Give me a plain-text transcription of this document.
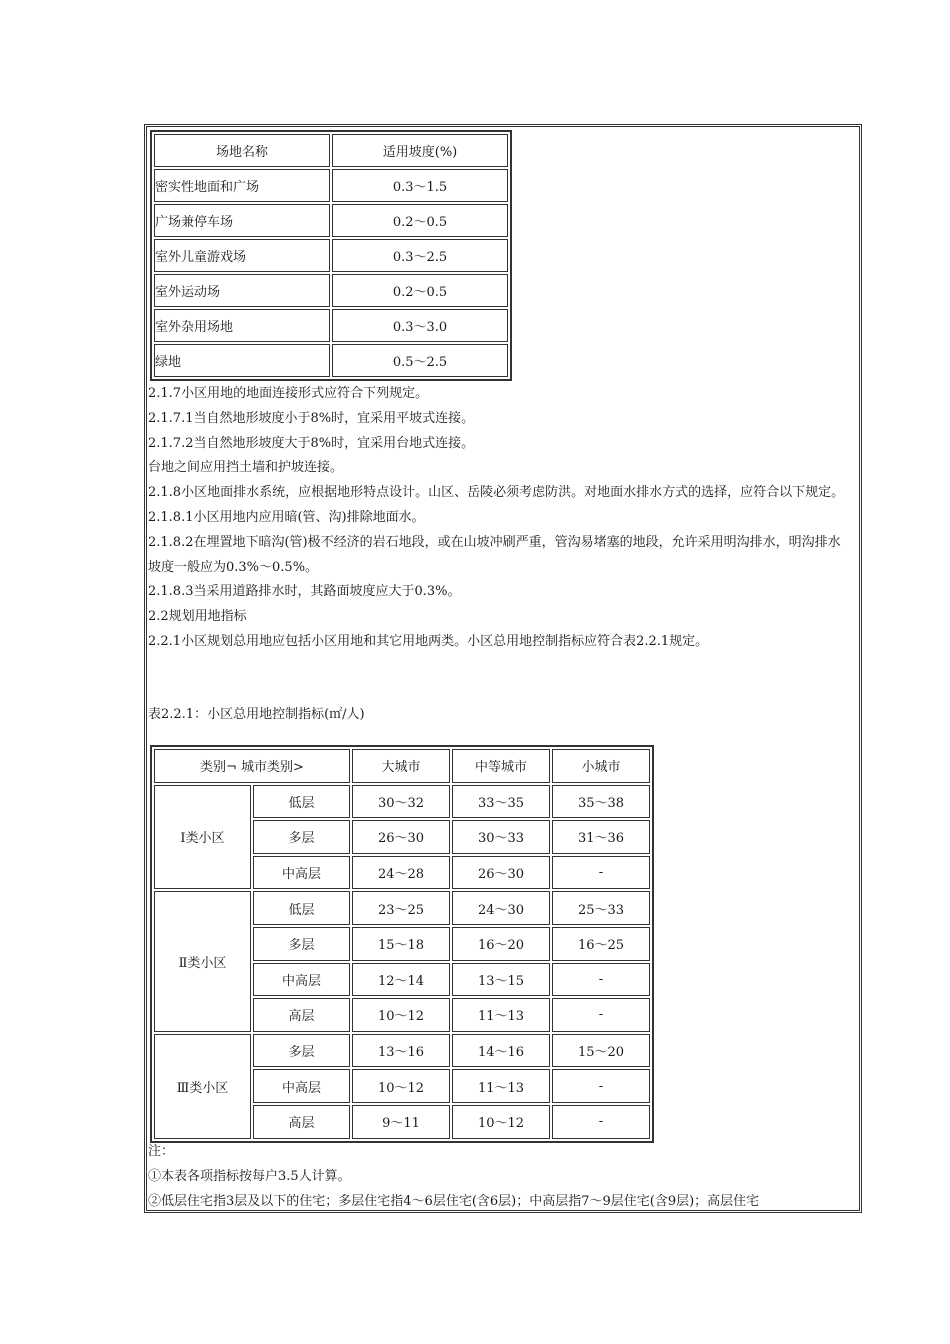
场地名称	适用坡度(%)
密实性地面和广场	0.3～1.5
广场兼停车场	0.2～0.5
室外儿童游戏场	0.3～2.5
室外运动场	0.2～0.5
室外杂用场地	0.3～3.0
绿地	0.5～2.5
2.1.7小区用地的地面连接形式应符合下列规定。
2.1.7.1当自然地形坡度小于8%时，宜采用平坡式连接。
2.1.7.2当自然地形坡度大于8%时，宜采用台地式连接。
台地之间应用挡土墙和护坡连接。
2.1.8小区地面排水系统，应根据地形特点设计。山区、岳陵必须考虑防洪。对地面水排水方式的选择，应符合以下规定。
2.1.8.1小区用地内应用暗(管、沟)排除地面水。
2.1.8.2在埋置地下暗沟(管)极不经济的岩石地段，或在山坡冲刷严重，管沟易堵塞的地段，允许采用明沟排水，明沟排水坡度一般应为0.3%～0.5%。
2.1.8.3当采用道路排水时，其路面坡度应大于0.3%。
2.2规划用地指标
2.2.1小区规划总用地应包括小区用地和其它用地两类。小区总用地控制指标应符合表2.2.1规定。
表2.2.1：小区总用地控制指标(㎡/人)
类别¬ 城市类别>		大城市	中等城市	小城市
Ⅰ类小区	低层	30～32	33～35	35～38
	多层	26～30	30～33	31～36
	中高层	24～28	26～30	-
Ⅱ类小区	低层	23～25	24～30	25～33
	多层	15～18	16～20	16～25
	中高层	12～14	13～15	-
	高层	10～12	11～13	-
Ⅲ类小区	多层	13～16	14～16	15～20
	中高层	10～12	11～13	-
	高层	9～11	10～12	-
注：
①本表各项指标按每户3.5人计算。
②低层住宅指3层及以下的住宅；多层住宅指4～6层住宅(含6层)；中高层指7～9层住宅(含9层)；高层住宅
